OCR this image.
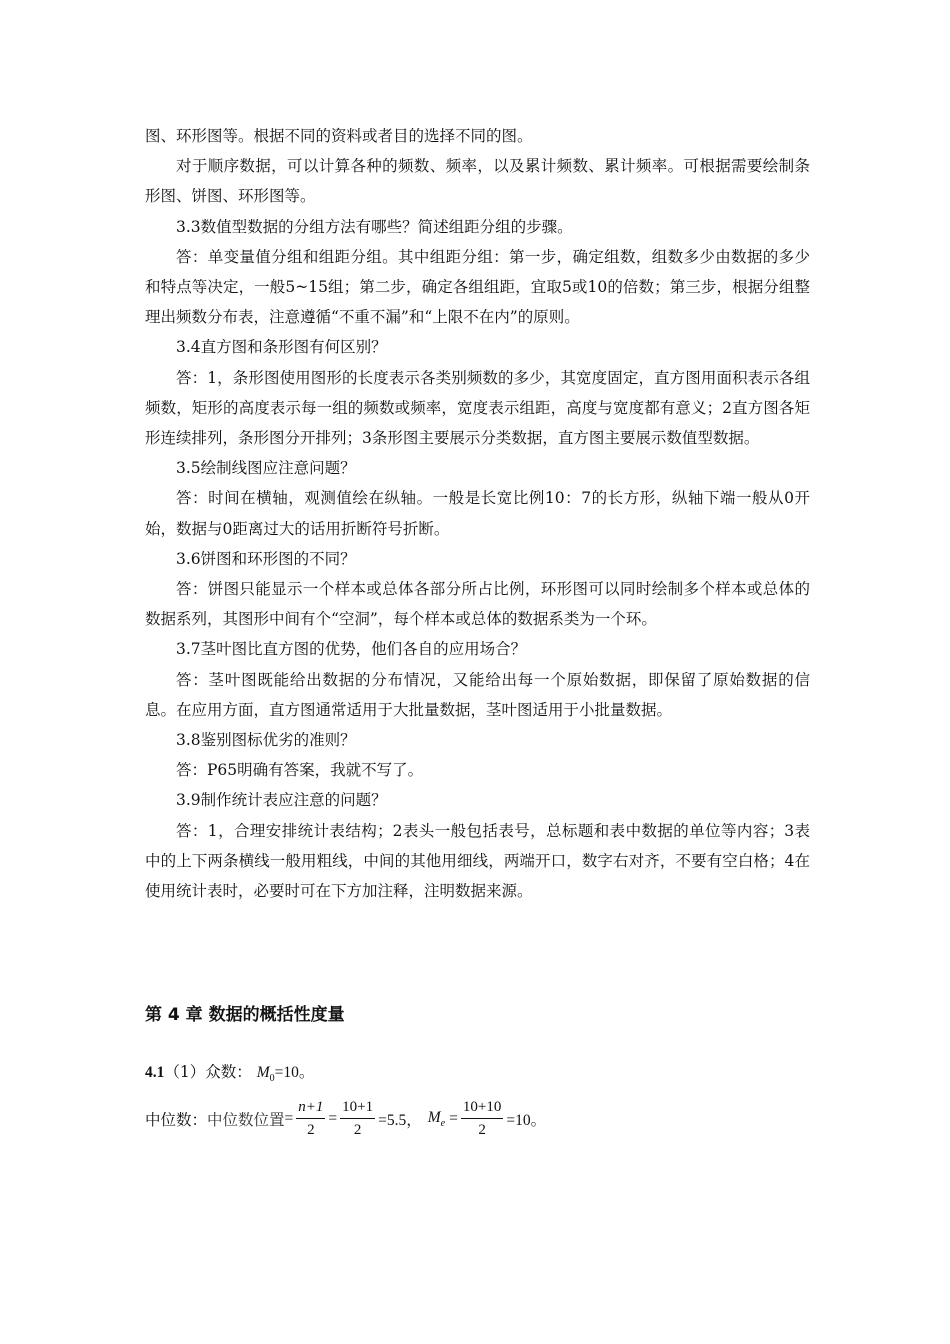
图、环形图等。根据不同的资料或者目的选择不同的图。

对于顺序数据，可以计算各种的频数、频率，以及累计频数、累计频率。可根据需要绘制条形图、饼图、环形图等。

3.3数值型数据的分组方法有哪些？简述组距分组的步骤。

答：单变量值分组和组距分组。其中组距分组：第一步，确定组数，组数多少由数据的多少和特点等决定，一般5~15组；第二步，确定各组组距，宜取5或10的倍数；第三步，根据分组整理出频数分布表，注意遵循“不重不漏”和“上限不在内”的原则。

3.4直方图和条形图有何区别？

答：1，条形图使用图形的长度表示各类别频数的多少，其宽度固定，直方图用面积表示各组频数，矩形的高度表示每一组的频数或频率，宽度表示组距，高度与宽度都有意义；2直方图各矩形连续排列，条形图分开排列；3条形图主要展示分类数据，直方图主要展示数值型数据。

3.5绘制线图应注意问题？

答：时间在横轴，观测值绘在纵轴。一般是长宽比例10：7的长方形，纵轴下端一般从0开始，数据与0距离过大的话用折断符号折断。

3.6饼图和环形图的不同？

答：饼图只能显示一个样本或总体各部分所占比例，环形图可以同时绘制多个样本或总体的数据系列，其图形中间有个“空洞”，每个样本或总体的数据系类为一个环。

3.7茎叶图比直方图的优势，他们各自的应用场合？

答：茎叶图既能给出数据的分布情况，又能给出每一个原始数据，即保留了原始数据的信息。在应用方面，直方图通常适用于大批量数据，茎叶图适用于小批量数据。

3.8鉴别图标优劣的准则？

答：P65明确有答案，我就不写了。

3.9制作统计表应注意的问题？

答：1，合理安排统计表结构；2表头一般包括表号，总标题和表中数据的单位等内容；3表中的上下两条横线一般用粗线，中间的其他用细线，两端开口，数字右对齐，不要有空白格；4在使用统计表时，必要时可在下方加注释，注明数据来源。

第 4 章 数据的概括性度量
4.1（1）众数： $M_0=10$。
中位数： 中位数位置 = $\frac{n+1}{2} = \frac{10+1}{2} =5.5$， $M_e = \frac{10+10}{2} =10$。
